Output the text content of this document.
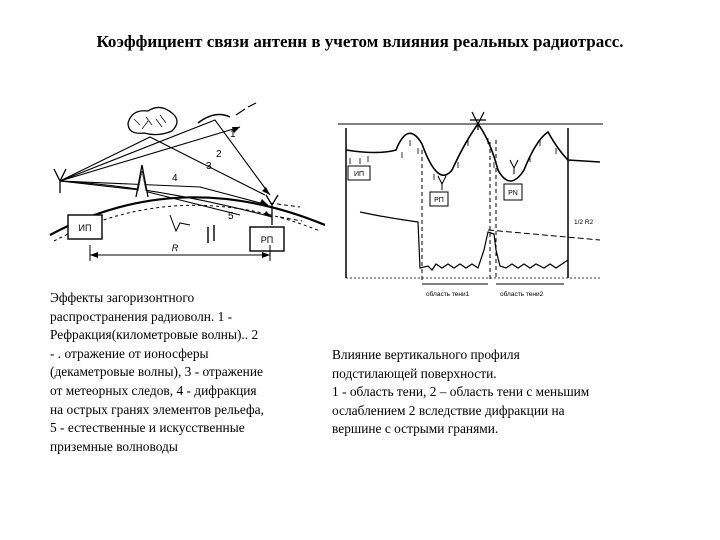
Коэффициент связи антенн в учетом влияния реальных радиотрасс.
ИП
РП
R
1
2
3
4
5
ИП
РП
РN
1/2 R2
область тени1	область тени2
Эффекты загоризонтного
распространения радиоволн. 1 -
Рефракция(километровые волны).. 2
- . отражение от ионосферы
(декаметровые волны), 3 - отражение
от метеорных следов, 4 - дифракция
на острых гранях элементов рельефа,
5 - естественные и искусственные
приземные волноводы
Влияние вертикального профиля
подстилающей поверхности.
1 - область тени, 2 – область тени с меньшим
ослаблением 2 вследствие дифракции на
вершине с острыми гранями.
